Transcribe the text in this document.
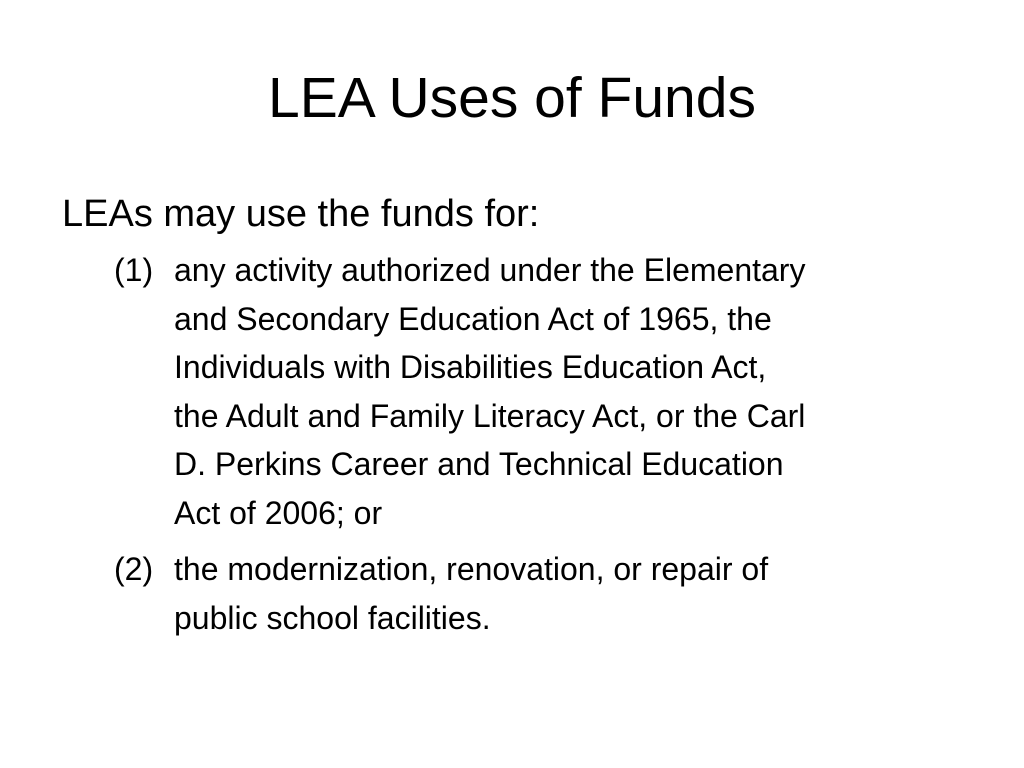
LEA Uses of Funds

LEAs may use the funds for:

(1) any activity authorized under the Elementary
and Secondary Education Act of 1965, the
Individuals with Disabilities Education Act,
the Adult and Family Literacy Act, or the Carl
D. Perkins Career and Technical Education
Act of 2006; or
(2) the modernization, renovation, or repair of
public school facilities.
